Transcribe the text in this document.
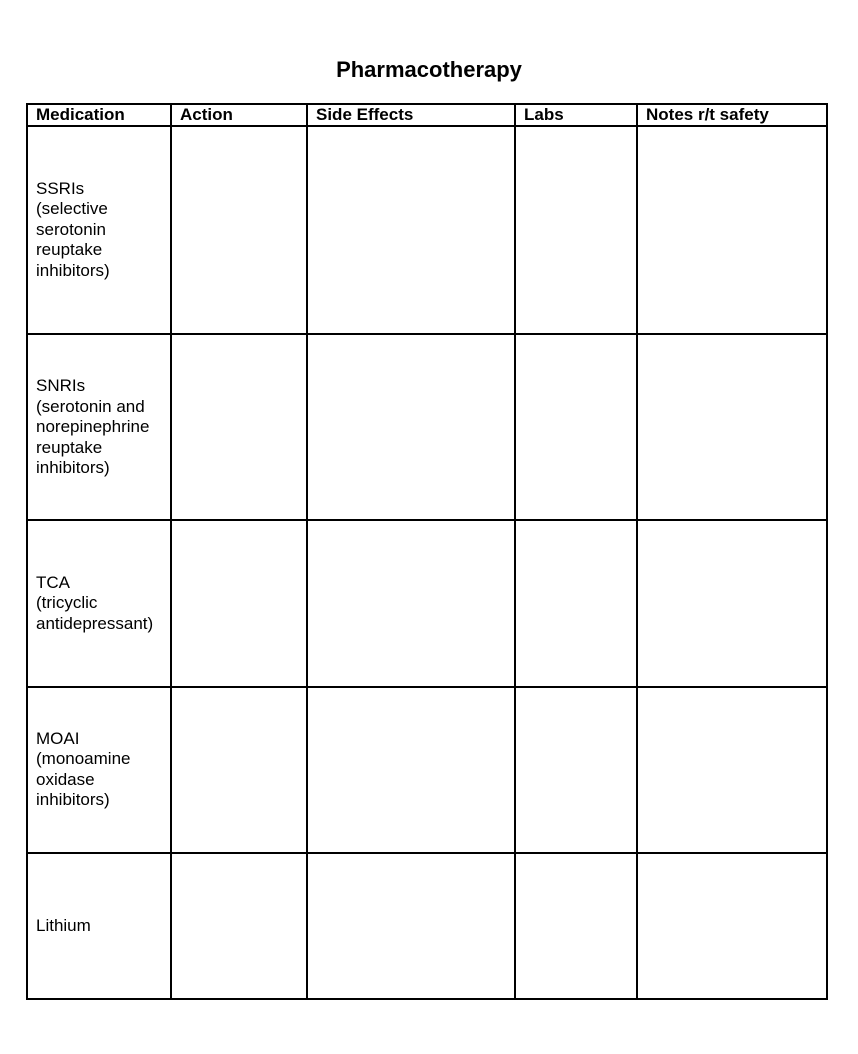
Pharmacotherapy
Medication	Action	Side Effects	Labs	Notes r/t safety

SSRIs
(selective serotonin reuptake inhibitors)				

SNRIs
(serotonin and norepinephrine reuptake inhibitors)				

TCA
(tricyclic antidepressant)				

MOAI
(monoamine oxidase inhibitors)				

Lithium				
